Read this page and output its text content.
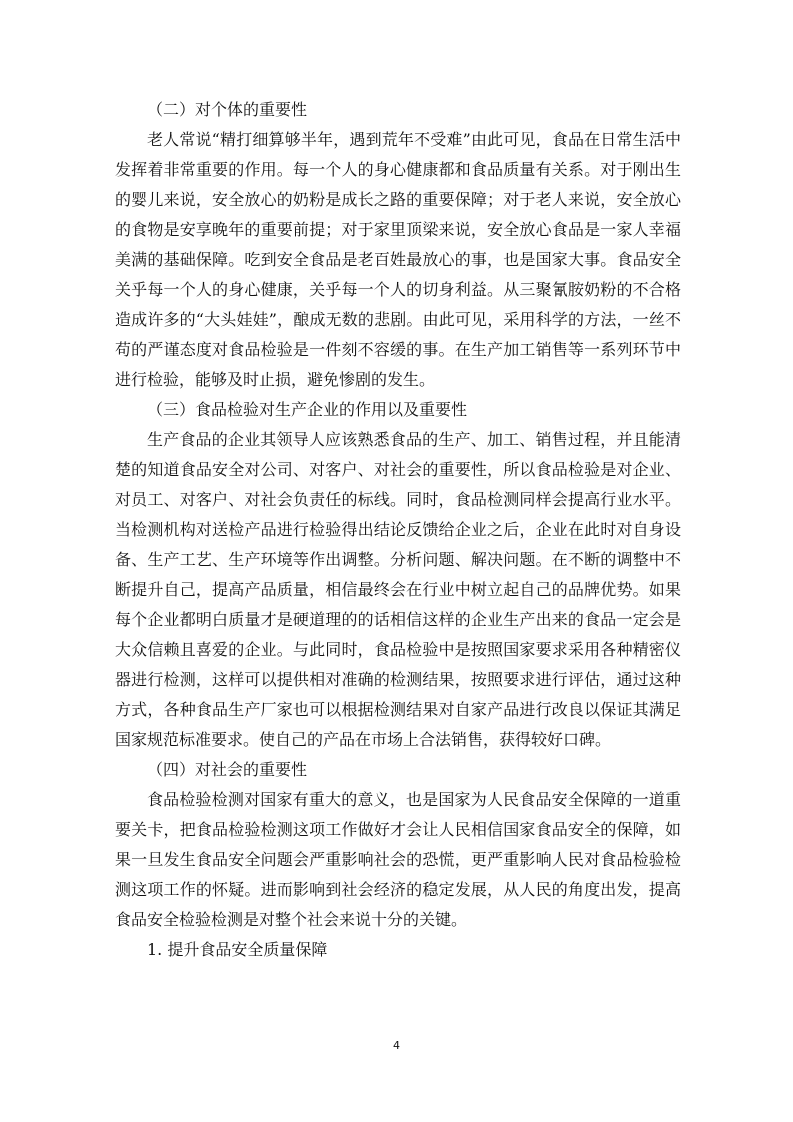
（二）对个体的重要性

老人常说“精打细算够半年，遇到荒年不受难”由此可见，食品在日常生活中发挥着非常重要的作用。每一个人的身心健康都和食品质量有关系。对于刚出生的婴儿来说，安全放心的奶粉是成长之路的重要保障；对于老人来说，安全放心的食物是安享晚年的重要前提；对于家里顶梁来说，安全放心食品是一家人幸福美满的基础保障。吃到安全食品是老百姓最放心的事，也是国家大事。食品安全关乎每一个人的身心健康，关乎每一个人的切身利益。从三聚氰胺奶粉的不合格造成许多的“大头娃娃”，酿成无数的悲剧。由此可见，采用科学的方法，一丝不苟的严谨态度对食品检验是一件刻不容缓的事。在生产加工销售等一系列环节中进行检验，能够及时止损，避免惨剧的发生。

（三）食品检验对生产企业的作用以及重要性

生产食品的企业其领导人应该熟悉食品的生产、加工、销售过程，并且能清楚的知道食品安全对公司、对客户、对社会的重要性，所以食品检验是对企业、对员工、对客户、对社会负责任的标线。同时，食品检测同样会提高行业水平。当检测机构对送检产品进行检验得出结论反馈给企业之后，企业在此时对自身设备、生产工艺、生产环境等作出调整。分析问题、解决问题。在不断的调整中不断提升自己，提高产品质量，相信最终会在行业中树立起自己的品牌优势。如果每个企业都明白质量才是硬道理的的话相信这样的企业生产出来的食品一定会是大众信赖且喜爱的企业。与此同时，食品检验中是按照国家要求采用各种精密仪器进行检测，这样可以提供相对准确的检测结果，按照要求进行评估，通过这种方式，各种食品生产厂家也可以根据检测结果对自家产品进行改良以保证其满足国家规范标准要求。使自己的产品在市场上合法销售，获得较好口碑。

（四）对社会的重要性

食品检验检测对国家有重大的意义，也是国家为人民食品安全保障的一道重要关卡，把食品检验检测这项工作做好才会让人民相信国家食品安全的保障，如果一旦发生食品安全问题会严重影响社会的恐慌，更严重影响人民对食品检验检测这项工作的怀疑。进而影响到社会经济的稳定发展，从人民的角度出发，提高食品安全检验检测是对整个社会来说十分的关键。

1. 提升食品安全质量保障

4
